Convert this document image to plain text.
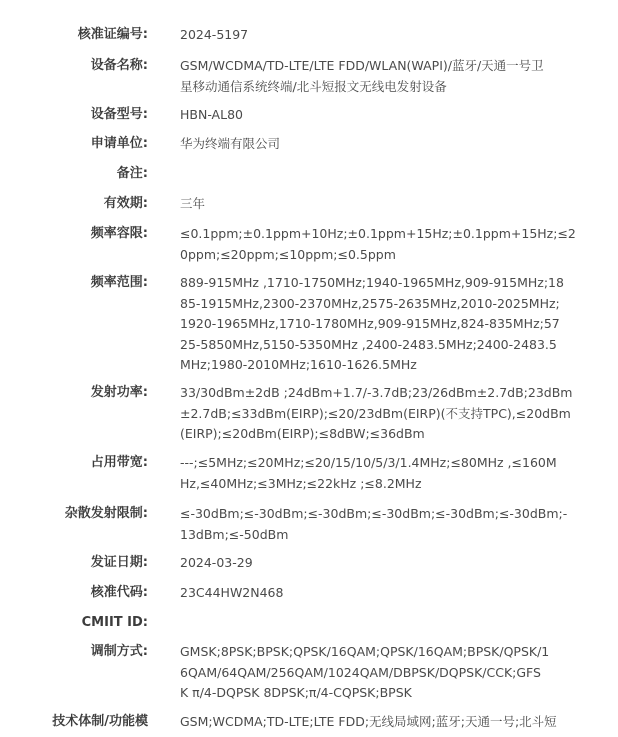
核准证编号:	2024-5197
设备名称:	GSM/WCDMA/TD-LTE/LTE FDD/WLAN(WAPI)/蓝牙/天通一号卫
星移动通信系统终端/北斗短报文无线电发射设备
设备型号:	HBN-AL80
申请单位:	华为终端有限公司
备注:
有效期:	三年
频率容限:	≤0.1ppm;±0.1ppm+10Hz;±0.1ppm+15Hz;±0.1ppm+15Hz;≤2
0ppm;≤20ppm;≤10ppm;≤0.5ppm
频率范围:	889-915MHz ,1710-1750MHz;1940-1965MHz,909-915MHz;18
85-1915MHz,2300-2370MHz,2575-2635MHz,2010-2025MHz;
1920-1965MHz,1710-1780MHz,909-915MHz,824-835MHz;57
25-5850MHz,5150-5350MHz ,2400-2483.5MHz;2400-2483.5
MHz;1980-2010MHz;1610-1626.5MHz
发射功率:	33/30dBm±2dB ;24dBm+1.7/-3.7dB;23/26dBm±2.7dB;23dBm
±2.7dB;≤33dBm(EIRP);≤20/23dBm(EIRP)(不支持TPC),≤20dBm
(EIRP);≤20dBm(EIRP);≤8dBW;≤36dBm
占用带宽:	---;≤5MHz;≤20MHz;≤20/15/10/5/3/1.4MHz;≤80MHz ,≤160M
Hz,≤40MHz;≤3MHz;≤22kHz ;≤8.2MHz
杂散发射限制:	≤-30dBm;≤-30dBm;≤-30dBm;≤-30dBm;≤-30dBm;≤-30dBm;-
13dBm;≤-50dBm
发证日期:	2024-03-29
核准代码:	23C44HW2N468
CMIIT ID:
调制方式:	GMSK;8PSK;BPSK;QPSK/16QAM;QPSK/16QAM;BPSK/QPSK/1
6QAM/64QAM/256QAM/1024QAM/DBPSK/DQPSK/CCK;GFS
K π/4-DQPSK 8DPSK;π/4-CQPSK;BPSK
技术体制/功能模	GSM;WCDMA;TD-LTE;LTE FDD;无线局域网;蓝牙;天通一号;北斗短
